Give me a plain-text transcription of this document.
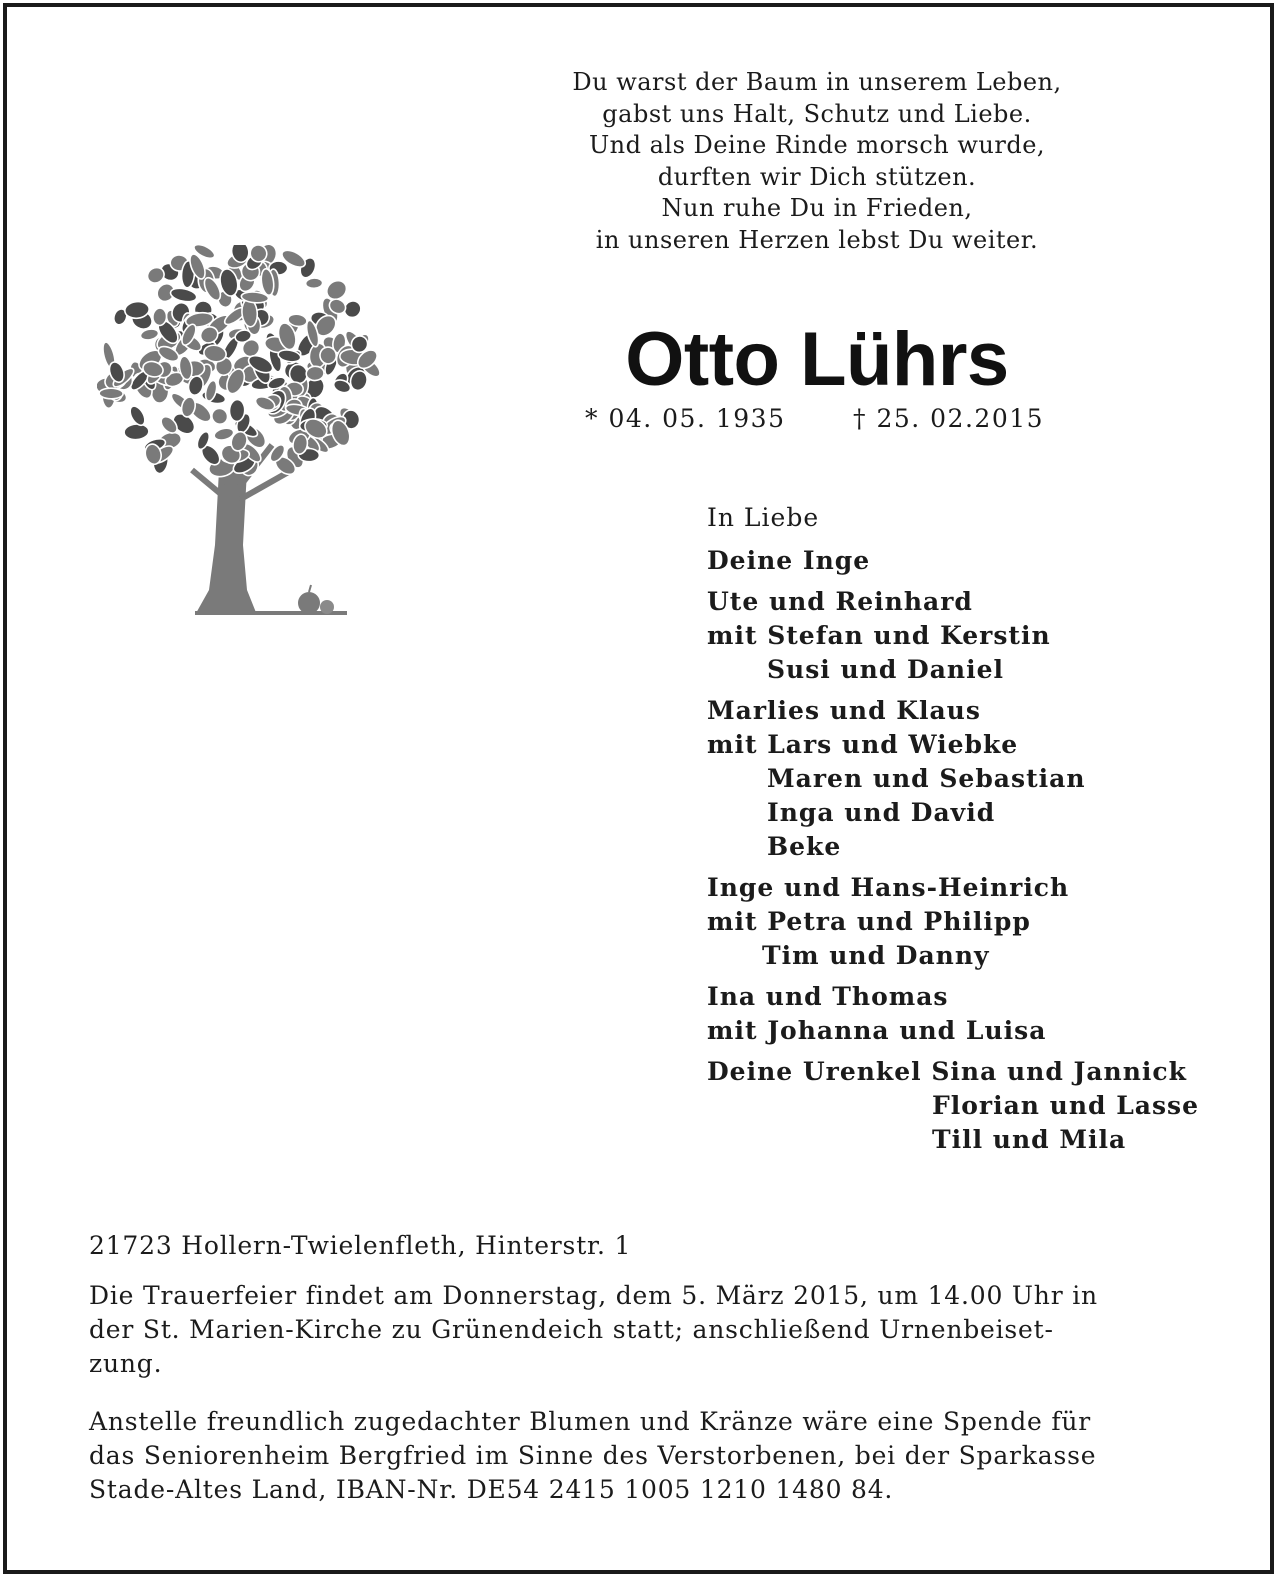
Du warst der Baum in unserem Leben,
gabst uns Halt, Schutz und Liebe.
Und als Deine Rinde morsch wurde,
durften wir Dich stützen.
Nun ruhe Du in Frieden,
in unseren Herzen lebst Du weiter.
Otto Lührs
* 04. 05. 1935	† 25. 02.2015
In Liebe
Deine Inge
Ute und Reinhard
mit Stefan und Kerstin
Susi und Daniel
Marlies und Klaus
mit Lars und Wiebke
Maren und Sebastian
Inga und David
Beke
Inge und Hans-Heinrich
mit Petra und Philipp
Tim und Danny
Ina und Thomas
mit Johanna und Luisa
Deine Urenkel Sina und Jannick
Florian und Lasse
Till und Mila
21723 Hollern-Twielenfleth, Hinterstr. 1
Die Trauerfeier findet am Donnerstag, dem 5. März 2015, um 14.00 Uhr in
der St. Marien-Kirche zu Grünendeich statt; anschließend Urnenbeiset-
zung.
Anstelle freundlich zugedachter Blumen und Kränze wäre eine Spende für
das Seniorenheim Bergfried im Sinne des Verstorbenen, bei der Sparkasse
Stade-Altes Land, IBAN-Nr. DE54 2415 1005 1210 1480 84.
